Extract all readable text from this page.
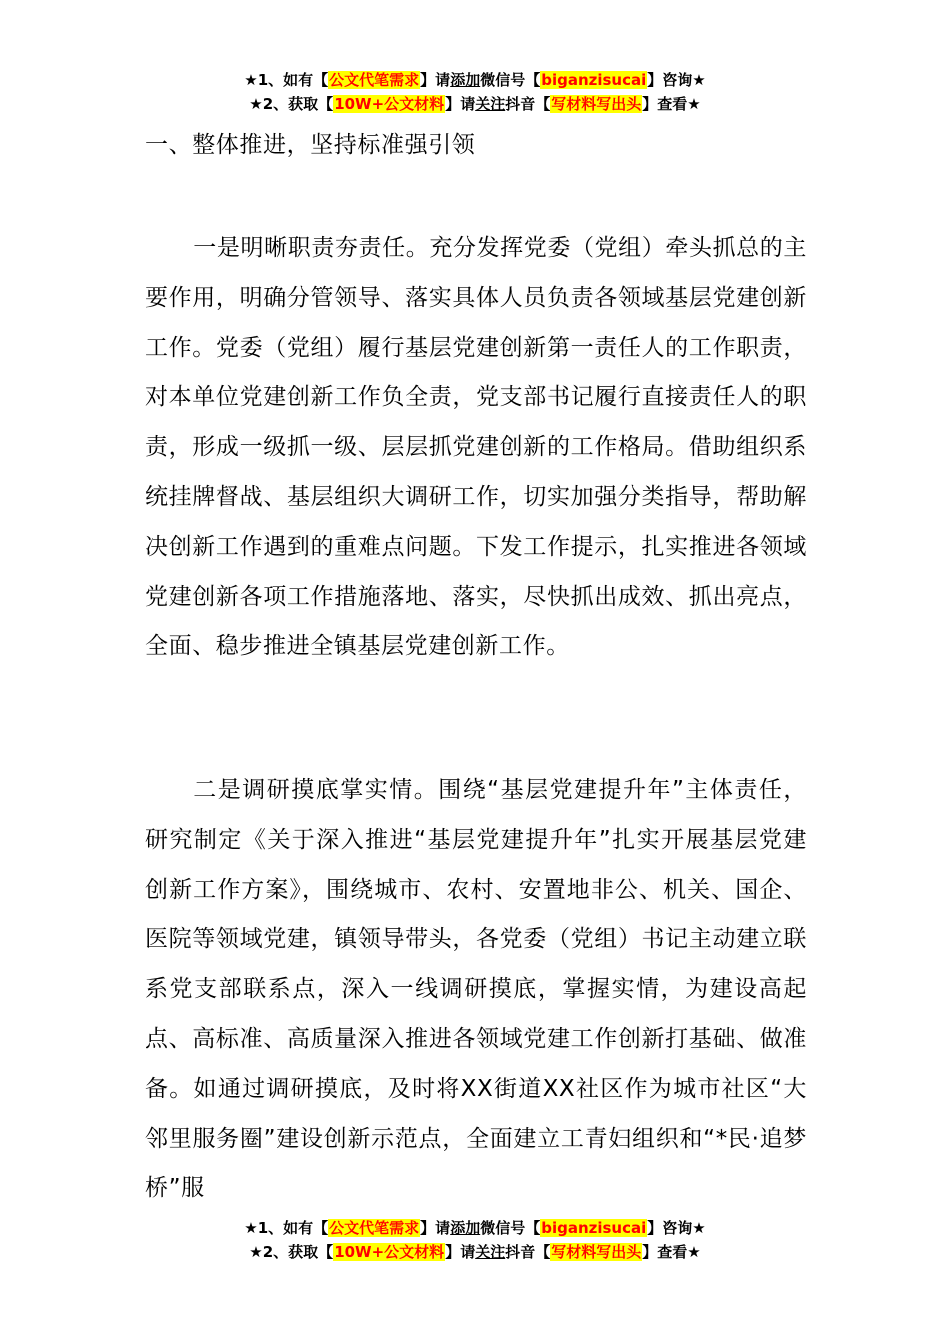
★1、如有【公文代笔需求】请添加微信号【biganzisucai】咨询★
★2、获取【10W+公文材料】请关注抖音【写材料写出头】查看★
一、整体推进，坚持标准强引领

一是明晰职责夯责任。充分发挥党委（党组）牵头抓总的主要作用，明确分管领导、落实具体人员负责各领域基层党建创新工作。党委（党组）履行基层党建创新第一责任人的工作职责，对本单位党建创新工作负全责，党支部书记履行直接责任人的职责，形成一级抓一级、层层抓党建创新的工作格局。借助组织系统挂牌督战、基层组织大调研工作，切实加强分类指导，帮助解决创新工作遇到的重难点问题。下发工作提示，扎实推进各领域党建创新各项工作措施落地、落实，尽快抓出成效、抓出亮点，全面、稳步推进全镇基层党建创新工作。

二是调研摸底掌实情。围绕“基层党建提升年”主体责任，研究制定《关于深入推进“基层党建提升年”扎实开展基层党建创新工作方案》，围绕城市、农村、安置地非公、机关、国企、医院等领域党建，镇领导带头，各党委（党组）书记主动建立联系党支部联系点，深入一线调研摸底，掌握实情，为建设高起点、高标准、高质量深入推进各领域党建工作创新打基础、做准备。如通过调研摸底，及时将XX街道XX社区作为城市社区“大邻里服务圈”建设创新示范点，全面建立工青妇组织和“*民·追梦桥”服

★1、如有【公文代笔需求】请添加微信号【biganzisucai】咨询★
★2、获取【10W+公文材料】请关注抖音【写材料写出头】查看★
